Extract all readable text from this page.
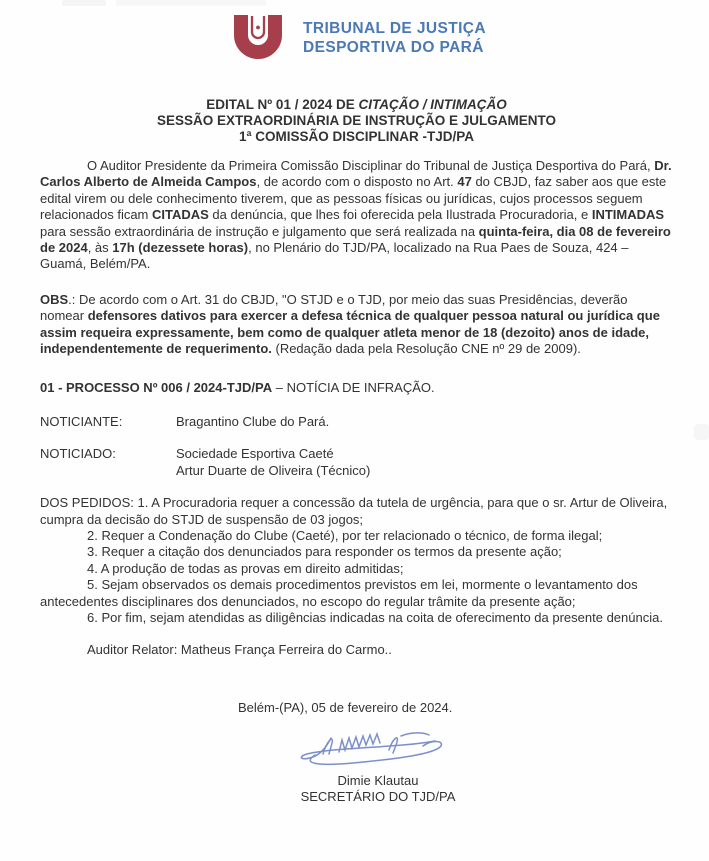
TRIBUNAL DE JUSTIÇA
DESPORTIVA DO PARÁ
EDITAL Nº 01 / 2024 DE CITAÇÃO / INTIMAÇÃO
SESSÃO EXTRAORDINÁRIA DE INSTRUÇÃO E JULGAMENTO
1ª COMISSÃO DISCIPLINAR -TJD/PA

O Auditor Presidente da Primeira Comissão Disciplinar do Tribunal de Justiça Desportiva do Pará, Dr. Carlos Alberto de Almeida Campos, de acordo com o disposto no Art. 47 do CBJD, faz saber aos que este edital virem ou dele conhecimento tiverem, que as pessoas físicas ou jurídicas, cujos processos seguem relacionados ficam CITADAS da denúncia, que lhes foi oferecida pela Ilustrada Procuradoria, e INTIMADAS para sessão extraordinária de instrução e julgamento que será realizada na quinta-feira, dia 08 de fevereiro de 2024, às 17h (dezessete horas), no Plenário do TJD/PA, localizado na Rua Paes de Souza, 424 – Guamá, Belém/PA.

OBS.: De acordo com o Art. 31 do CBJD, "O STJD e o TJD, por meio das suas Presidências, deverão nomear defensores dativos para exercer a defesa técnica de qualquer pessoa natural ou jurídica que assim requeira expressamente, bem como de qualquer atleta menor de 18 (dezoito) anos de idade, independentemente de requerimento. (Redação dada pela Resolução CNE nº 29 de 2009).

01 - PROCESSO Nº 006 / 2024-TJD/PA – NOTÍCIA DE INFRAÇÃO.
NOTICIANTE:	Bragantino Clube do Pará.
NOTICIADO:	Sociedade Esportiva Caeté
Artur Duarte de Oliveira (Técnico)
DOS PEDIDOS: 1. A Procuradoria requer a concessão da tutela de urgência, para que o sr. Artur de Oliveira, cumpra da decisão do STJD de suspensão de 03 jogos;
2. Requer a Condenação do Clube (Caeté), por ter relacionado o técnico, de forma ilegal;
3. Requer a citação dos denunciados para responder os termos da presente ação;
4. A produção de todas as provas em direito admitidas;
5. Sejam observados os demais procedimentos previstos em lei, mormente o levantamento dos antecedentes disciplinares dos denunciados, no escopo do regular trâmite da presente ação;
6. Por fim, sejam atendidas as diligências indicadas na coita de oferecimento da presente denúncia.
Auditor Relator: Matheus França Ferreira do Carmo..
Belém-(PA), 05 de fevereiro de 2024.
Dimie Klautau
SECRETÁRIO DO TJD/PA
